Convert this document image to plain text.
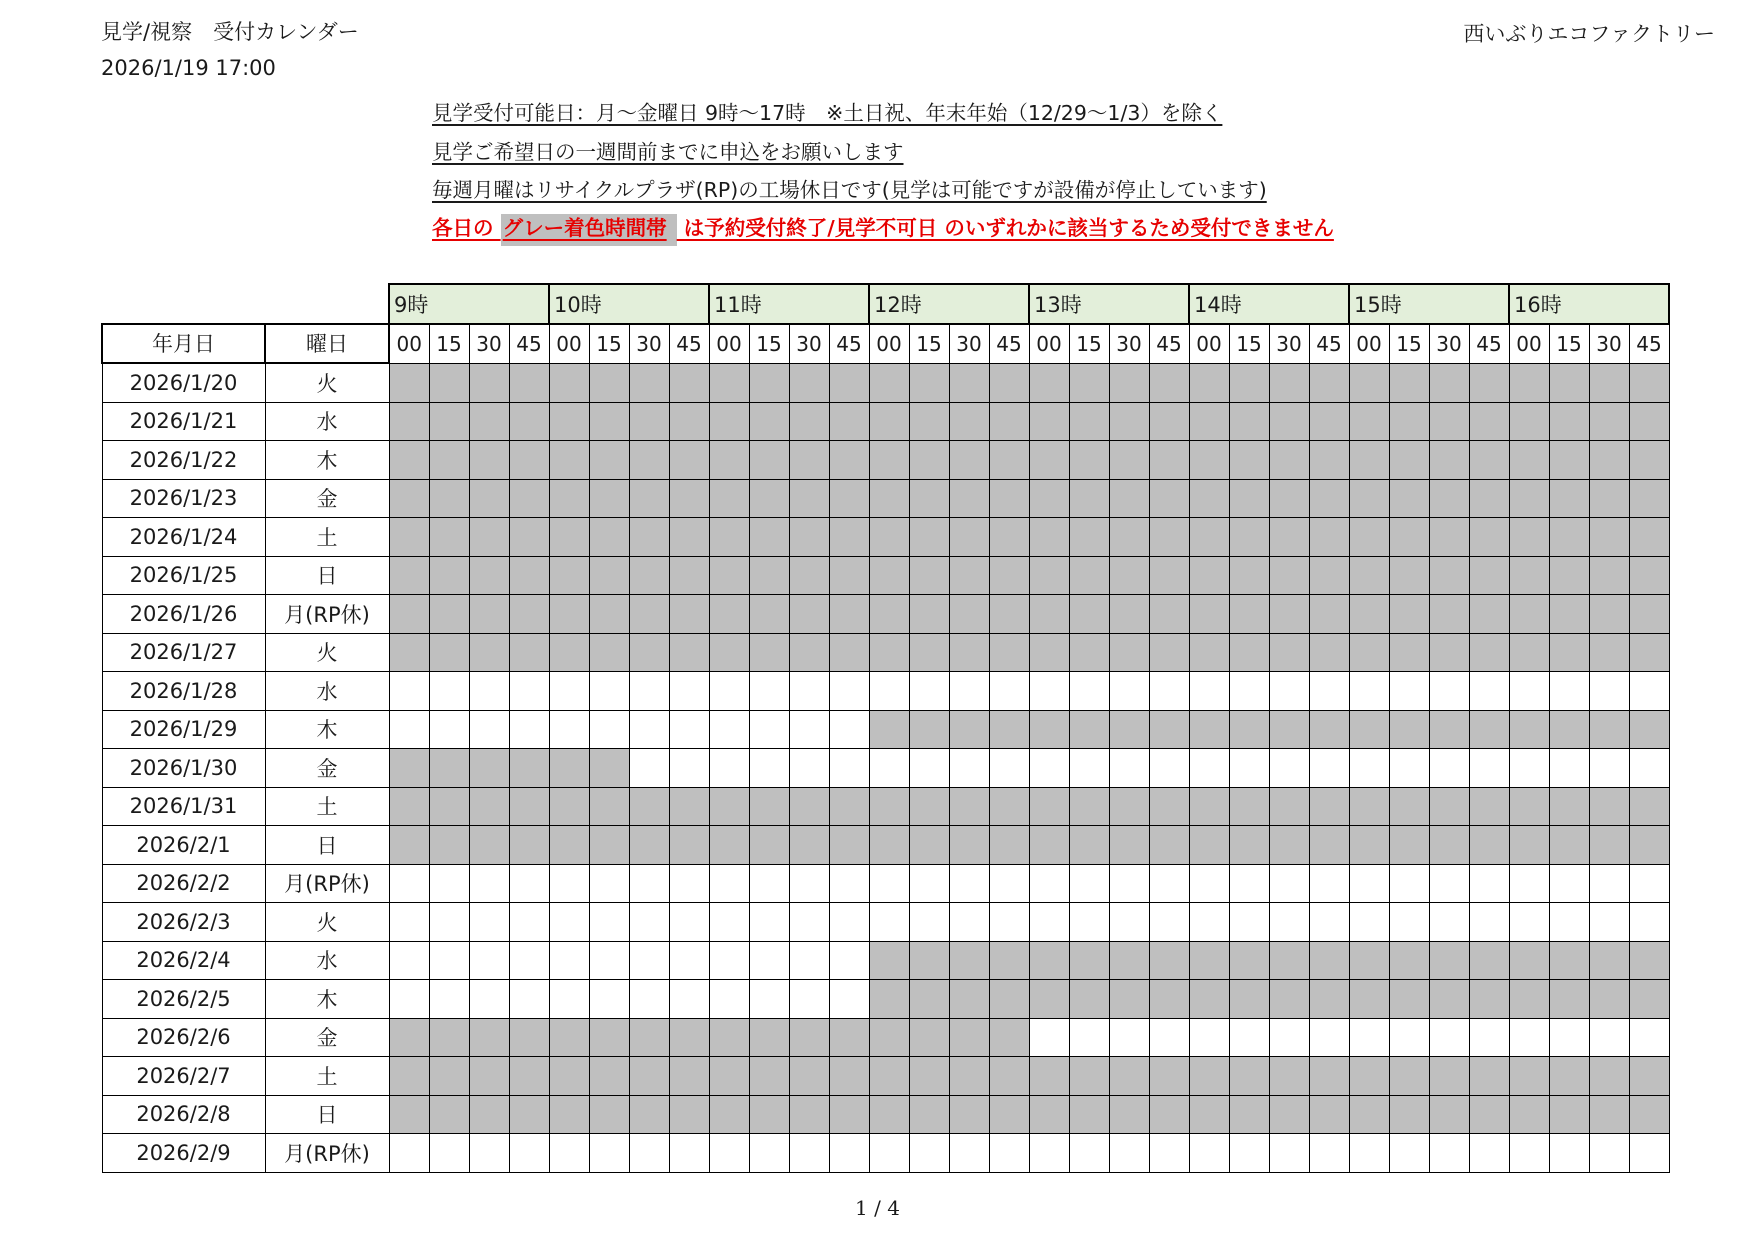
見学/視察　受付カレンダー
2026/1/19 17:00
西いぶりエコファクトリー
見学受付可能日：月～金曜日 9時～17時　※土日祝、年末年始（12/29～1/3）を除く
見学ご希望日の一週間前までに申込をお願いします
毎週月曜はリサイクルプラザ(RP)の工場休日です(見学は可能ですが設備が停止しています)
各日の グレー着色時間帯 は予約受付終了/見学不可日 のいずれかに該当するため受付できません
		9時				10時				11時				12時				13時				14時				15時				16時			
年月日	曜日	00	15	30	45	00	15	30	45	00	15	30	45	00	15	30	45	00	15	30	45	00	15	30	45	00	15	30	45	00	15	30	45
2026/1/20	火																																
2026/1/21	水																																
2026/1/22	木																																
2026/1/23	金																																
2026/1/24	土																																
2026/1/25	日																																
2026/1/26	月(RP休)																																
2026/1/27	火																																
2026/1/28	水																																
2026/1/29	木																																
2026/1/30	金																																
2026/1/31	土																																
2026/2/1	日																																
2026/2/2	月(RP休)																																
2026/2/3	火																																
2026/2/4	水																																
2026/2/5	木																																
2026/2/6	金																																
2026/2/7	土																																
2026/2/8	日																																
2026/2/9	月(RP休)																																
1 / 4
